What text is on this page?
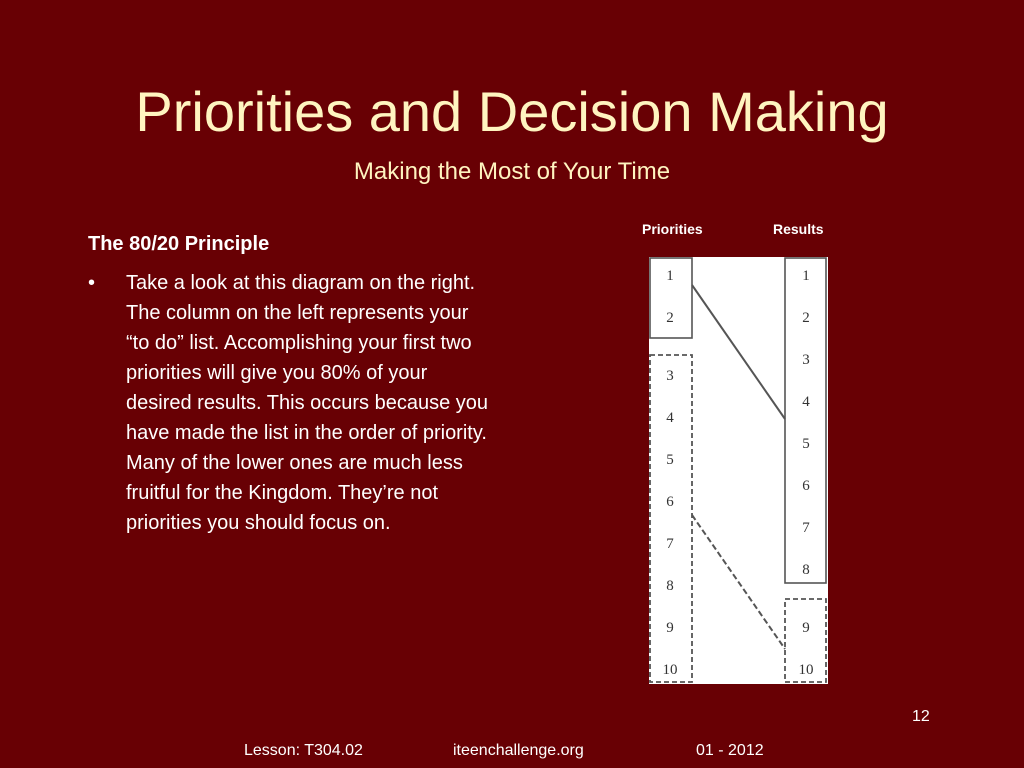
Priorities and Decision Making
Making the Most of Your Time
The 80/20 Principle
• Take a look at this diagram on the right. The column on the left represents your “to do” list. Accomplishing your first two priorities will give you 80% of your desired results. This occurs because you have made the list in the order of priority. Many of the lower ones are much less fruitful for the Kingdom. They’re not priorities you should focus on.
Priorities	Results
1
2
3
4
5
6
7
8
9
10
1
2
3
4
5
6
7
8
9
10
12
Lesson: T304.02	iteenchallenge.org	01 - 2012
